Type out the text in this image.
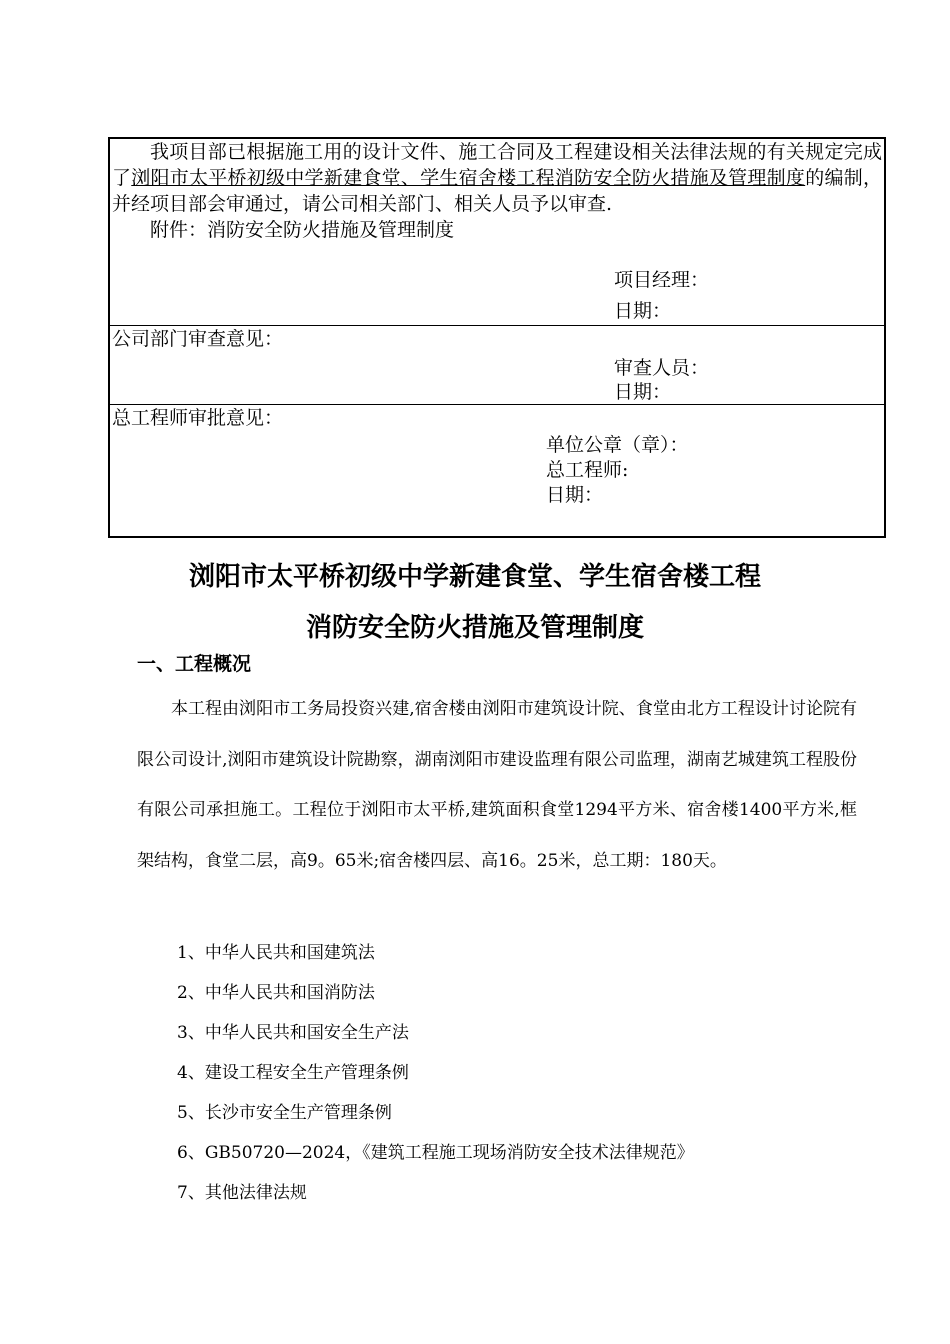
我项目部已根据施工用的设计文件、施工合同及工程建设相关法律法规的有关规定完成了浏阳市太平桥初级中学新建食堂、学生宿舍楼工程消防安全防火措施及管理制度的编制，并经项目部会审通过，请公司相关部门、相关人员予以审查.

附件：消防安全防火措施及管理制度

项目经理：
日期：

公司部门审查意见：

审查人员：
日期：

总工程师审批意见：

单位公章（章）：
总工程师:
日期：
浏阳市太平桥初级中学新建食堂、学生宿舍楼工程
消防安全防火措施及管理制度
一、工程概况

本工程由浏阳市工务局投资兴建,宿舍楼由浏阳市建筑设计院、食堂由北方工程设计讨论院有限公司设计,浏阳市建筑设计院勘察，湖南浏阳市建设监理有限公司监理，湖南艺城建筑工程股份有限公司承担施工。工程位于浏阳市太平桥,建筑面积食堂1294平方米、宿舍楼1400平方米,框架结构，食堂二层，高9。65米;宿舍楼四层、高16。25米，总工期：180天。

1、中华人民共和国建筑法
2、中华人民共和国消防法
3、中华人民共和国安全生产法
4、建设工程安全生产管理条例
5、长沙市安全生产管理条例
6、GB50720—2024，《建筑工程施工现场消防安全技术法律规范》
7、其他法律法规
